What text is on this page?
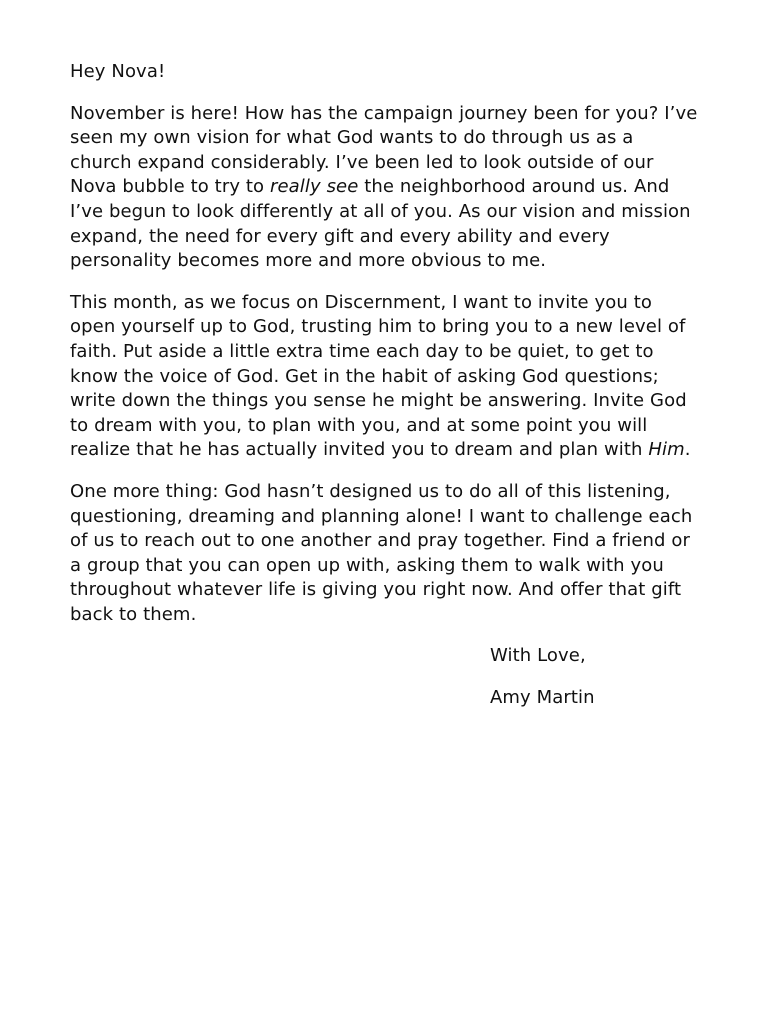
Hey Nova!

November is here! How has the campaign journey been for you? I’ve seen my own vision for what God wants to do through us as a church expand considerably. I’ve been led to look outside of our Nova bubble to try to really see the neighborhood around us. And I’ve begun to look differently at all of you. As our vision and mission expand, the need for every gift and every ability and every personality becomes more and more obvious to me.

This month, as we focus on Discernment, I want to invite you to open yourself up to God, trusting him to bring you to a new level of faith. Put aside a little extra time each day to be quiet, to get to know the voice of God. Get in the habit of asking God questions; write down the things you sense he might be answering. Invite God to dream with you, to plan with you, and at some point you will realize that he has actually invited you to dream and plan with Him.

One more thing: God hasn’t designed us to do all of this listening, questioning, dreaming and planning alone! I want to challenge each of us to reach out to one another and pray together. Find a friend or a group that you can open up with, asking them to walk with you throughout whatever life is giving you right now. And offer that gift back to them.

With Love,

Amy Martin
